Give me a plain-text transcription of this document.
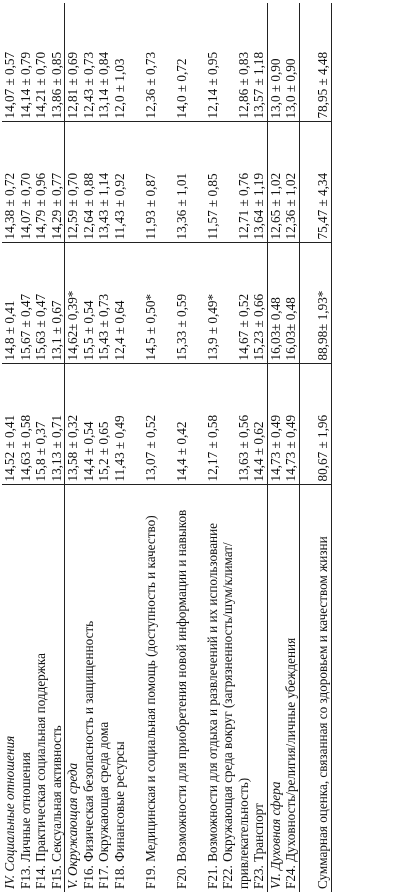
IV. Социальные отношения	14,52 ± 0,41	14,8 ± 0,41	14,38 ± 0,72	14,07 ± 0,57
F13. Личные отношения	14,63 ± 0,58	15,67 ± 0,47	14,07 ± 0,70	14,14 ± 0,79
F14. Практическая социальная поддержка	15,8 ± 0,37	15,63 ± 0,47	14,79 ± 0,96	14,21 ± 0,70
F15. Сексуальная активность	13,13 ± 0,71	13,1 ± 0,67	14,29 ± 0,77	13,86 ± 0,85
V. Окружающая среда	13,58 ± 0,32	14,62± 0,39*	12,59 ± 0,70	12,81 ± 0,69
F16. Физическая безопасность и защищенность	14,4 ± 0,54	15,5 ± 0,54	12,64 ± 0,88	12,43 ± 0,73
F17. Окружающая среда дома	15,2 ± 0,65	15,43 ± 0,73	13,43 ± 1,14	13,14 ± 0,84
F18. Финансовые ресурсы	11,43 ± 0,49	12,4 ± 0,64	11,43 ± 0,92	12,0 ± 1,03
F19. Медицинская и социальная помощь (доступность и качество)	13,07 ± 0,52	14,5 ± 0,50*	11,93 ± 0,87	12,36 ± 0,73
F20. Возможности для приобретения новой информации и навыков	14,4 ± 0,42	15,33 ± 0,59	13,36 ± 1,01	14,0 ± 0,72
F21. Возможности для отдыха и развлечений и их использование	12,17 ± 0,58	13,9 ± 0,49*	11,57 ± 0,85	12,14 ± 0,95
F22. Окружающая среда вокруг (загрязненность/шум/климат/привлекательность)	13,63 ± 0,56	14,67 ± 0,52	12,71 ± 0,76	12,86 ± 0,83
F23. Транспорт	14,4 ± 0,62	15,23 ± 0,66	13,64 ± 1,19	13,57 ± 1,18
VI. Духовная сфера	14,73 ± 0,49	16,03± 0,48	12,65 ± 1,02	13,0 ± 0,90
F24. Духовность/религия/личные убеждения	14,73 ± 0,49	16,03± 0,48	12,36 ± 1,02	13,0 ± 0,90
Суммарная оценка, связанная со здоровьем и качеством жизни	80,67 ± 1,96	88,98± 1,93*	75,47 ± 4,34	78,95 ± 4,48
